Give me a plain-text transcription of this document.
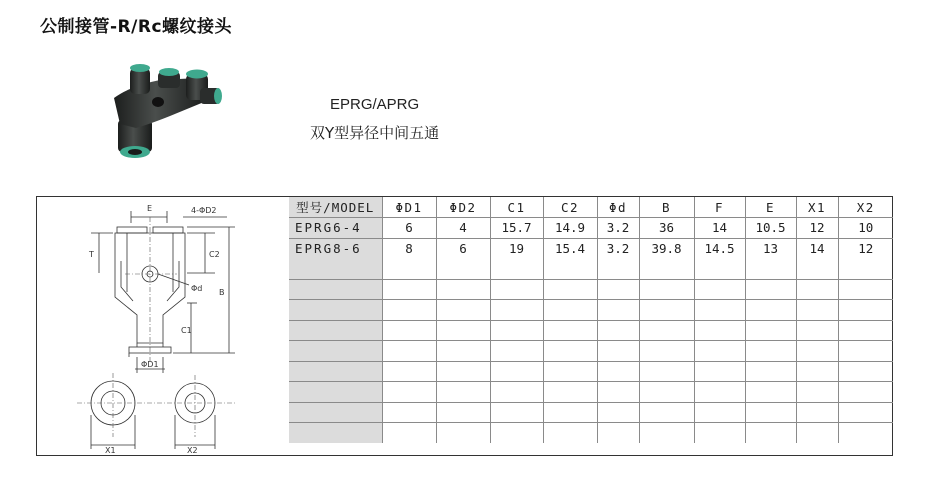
公制接管-R/Rc螺纹接头
EPRG/APRG
双Y型异径中间五通
E	4-ΦD2
T	C2
B
Φd
C1
ΦD1
X1	X2
型号/MODEL	ΦD1	ΦD2	C1	C2	Φd	B	F	E	X1	X2
EPRG6-4	6	4	15.7	14.9	3.2	36	14	10.5	12	10
EPRG8-6	8	6	19	15.4	3.2	39.8	14.5	13	14	12
